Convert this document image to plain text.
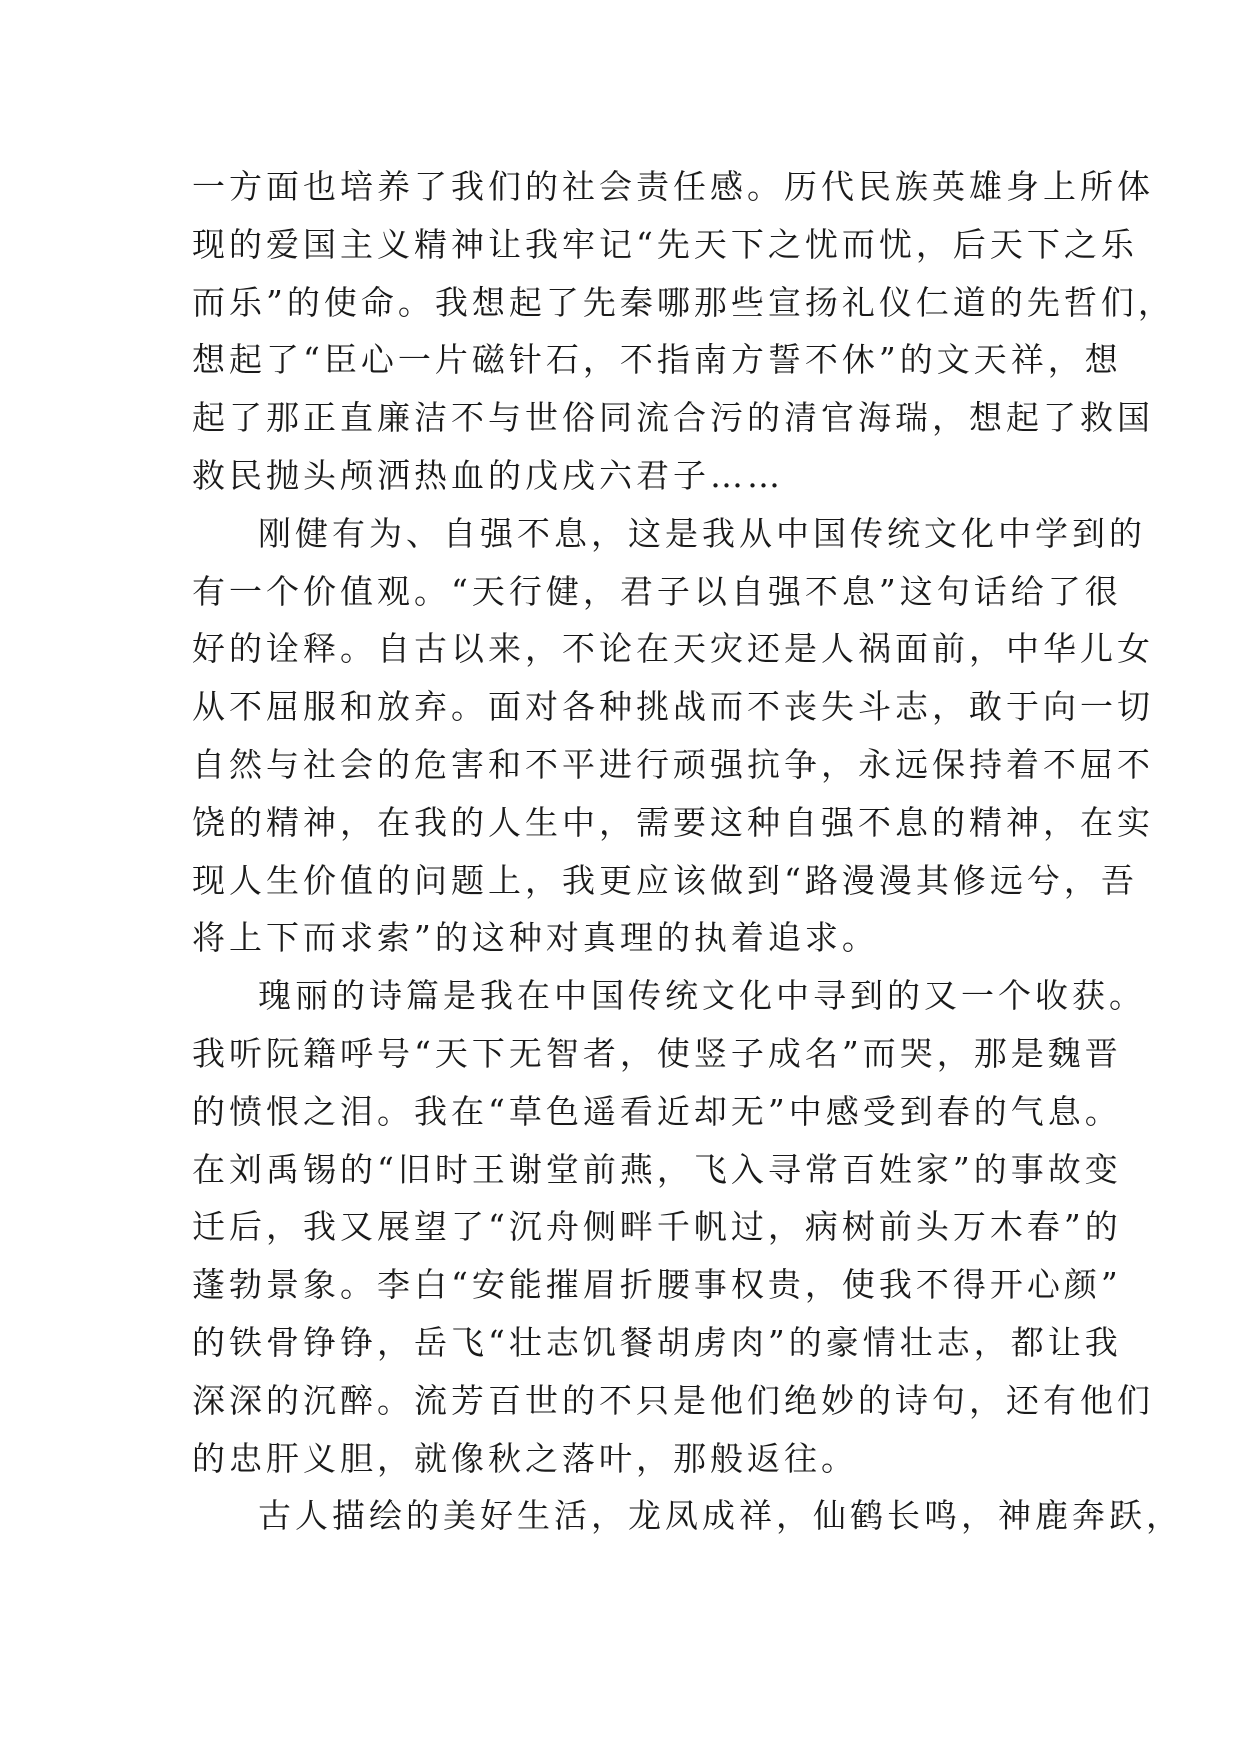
一方面也培养了我们的社会责任感。历代民族英雄身上所体
现的爱国主义精神让我牢记“先天下之忧而忧，后天下之乐
而乐”的使命。我想起了先秦哪那些宣扬礼仪仁道的先哲们，
想起了“臣心一片磁针石，不指南方誓不休”的文天祥，想
起了那正直廉洁不与世俗同流合污的清官海瑞，想起了救国
救民抛头颅洒热血的戊戌六君子……
刚健有为、自强不息，这是我从中国传统文化中学到的
有一个价值观。“天行健，君子以自强不息”这句话给了很
好的诠释。自古以来，不论在天灾还是人祸面前，中华儿女
从不屈服和放弃。面对各种挑战而不丧失斗志，敢于向一切
自然与社会的危害和不平进行顽强抗争，永远保持着不屈不
饶的精神，在我的人生中，需要这种自强不息的精神，在实
现人生价值的问题上，我更应该做到“路漫漫其修远兮，吾
将上下而求索”的这种对真理的执着追求。
瑰丽的诗篇是我在中国传统文化中寻到的又一个收获。
我听阮籍呼号“天下无智者，使竖子成名”而哭，那是魏晋
的愤恨之泪。我在“草色遥看近却无”中感受到春的气息。
在刘禹锡的“旧时王谢堂前燕，飞入寻常百姓家”的事故变
迁后，我又展望了“沉舟侧畔千帆过，病树前头万木春”的
蓬勃景象。李白“安能摧眉折腰事权贵，使我不得开心颜”
的铁骨铮铮，岳飞“壮志饥餐胡虏肉”的豪情壮志，都让我
深深的沉醉。流芳百世的不只是他们绝妙的诗句，还有他们
的忠肝义胆，就像秋之落叶，那般返往。
古人描绘的美好生活，龙凤成祥，仙鹤长鸣，神鹿奔跃，
